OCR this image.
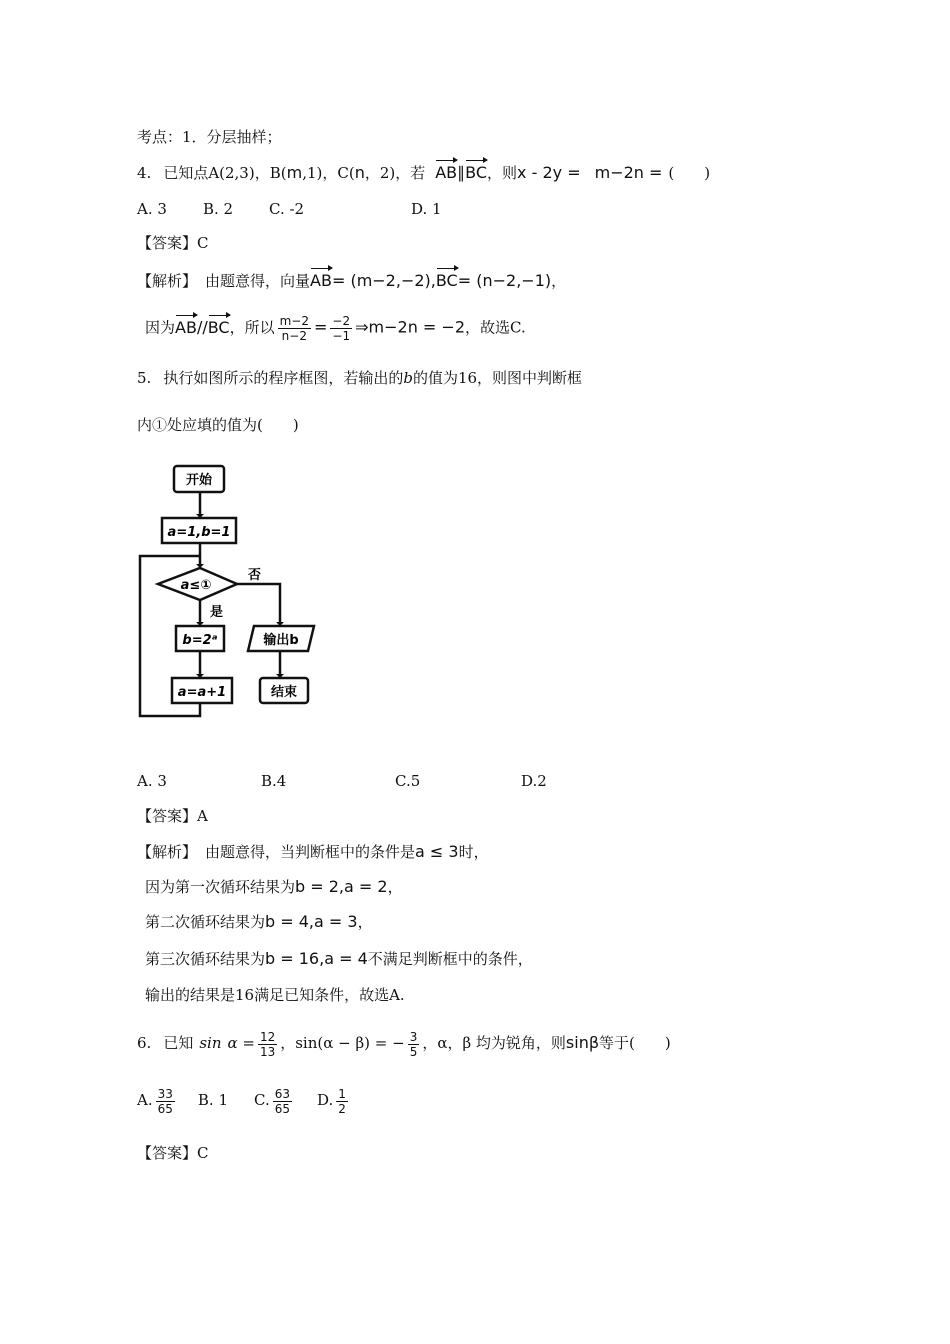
考点：1．分层抽样；
4. 已知点A(2,3)，B(m,1)，C(n，2)，若 AB∥BC，则x - 2y = m−2n = (　　)
A. 3 B. 2 C. -2	D. 1
【答案】C
【解析】 由题意得，向量AB= (m−2,−2),BC= (n−2,−1)，
因为AB//BC，所以 $\frac{m-2}{n-2} = \frac{-2}{-1}$ ⇒m−2n = −2，故选C.
5. 执行如图所示的程序框图，若输出的b的值为16，则图中判断框
内①处应填的值为(　　)
开始
a=1,b=1
a≤①
否
是
b=2ᵃ	输出b
a=a+1	结束
A. 3	B.4	C.5	D.2
【答案】A
【解析】 由题意得，当判断框中的条件是a ≤ 3时，
因为第一次循环结果为b = 2,a = 2，
第二次循环结果为b = 4,a = 3，
第三次循环结果为b = 16,a = 4不满足判断框中的条件，
输出的结果是16满足已知条件，故选A.
6. 已知 $\sin \alpha = \frac{12}{13}$ ，sin(α − β) = − $\frac{3}{5}$ ，α，β 均为锐角，则sinβ等于(　　)
A. $\frac{33}{65} B$. 1 C. $\frac{63}{65} D$. $\frac{1}{2}$
【答案】C
